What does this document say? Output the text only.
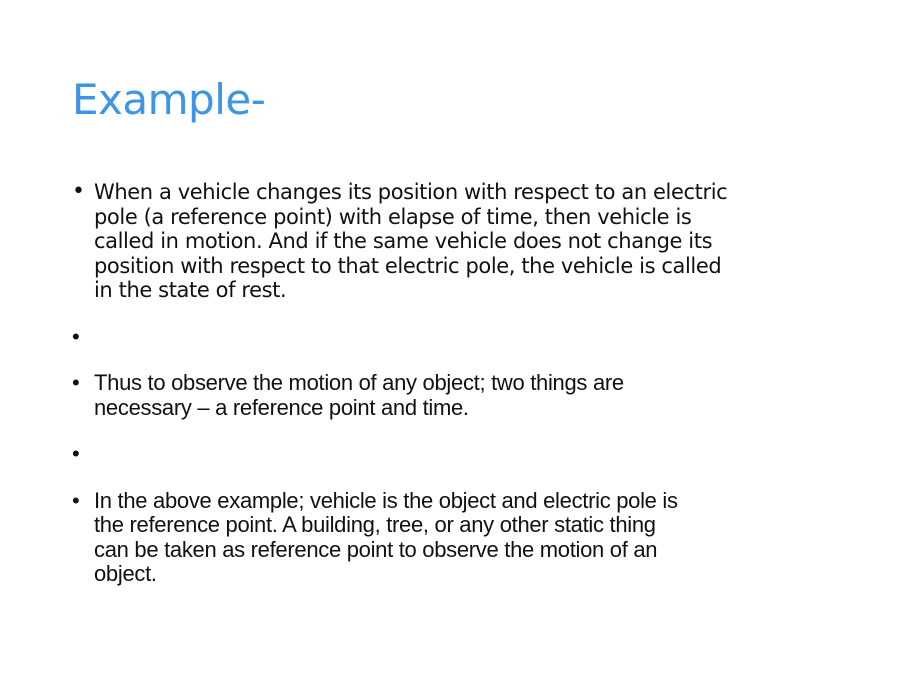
Example-
• When a vehicle changes its position with respect to an electric
pole (a reference point) with elapse of time, then vehicle is
called in motion. And if the same vehicle does not change its
position with respect to that electric pole, the vehicle is called
in the state of rest.
•
• Thus to observe the motion of any object; two things are
necessary – a reference point and time.
•
• In the above example; vehicle is the object and electric pole is
the reference point. A building, tree, or any other static thing
can be taken as reference point to observe the motion of an
object.
